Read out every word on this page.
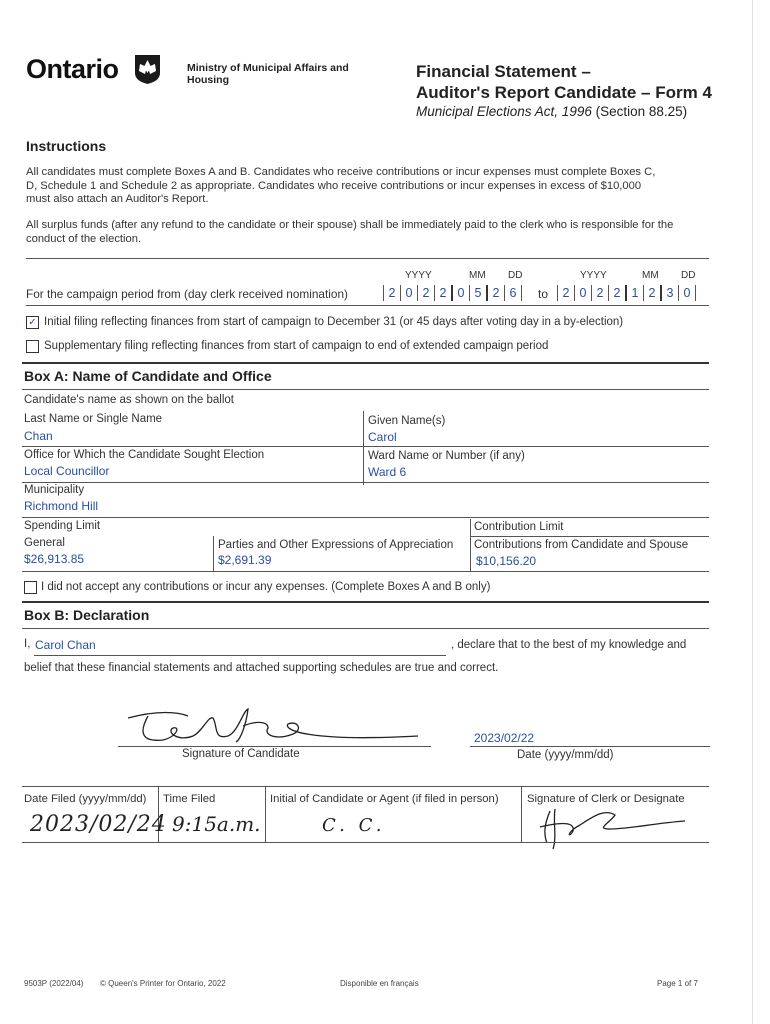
Ontario	Ministry of Municipal Affairs and Housing	Financial Statement –
Auditor's Report Candidate – Form 4
Municipal Elections Act, 1996 (Section 88.25)
Instructions
All candidates must complete Boxes A and B. Candidates who receive contributions or incur expenses must complete Boxes C, D, Schedule 1 and Schedule 2 as appropriate. Candidates who receive contributions or incur expenses in excess of $10,000 must also attach an Auditor's Report.
All surplus funds (after any refund to the candidate or their spouse) shall be immediately paid to the clerk who is responsible for the conduct of the election.
YYYY	MM DD	YYYY	MM DD
For the campaign period from (day clerk received nomination)	2 0 2 2 0 5 2 6	to	2 0 2 2 1 2 3 0
✓ Initial filing reflecting finances from start of campaign to December 31 (or 45 days after voting day in a by-election)
Supplementary filing reflecting finances from start of campaign to end of extended campaign period
Box A: Name of Candidate and Office
Candidate's name as shown on the ballot
Last Name or Single Name
Chan
Given Name(s)
Carol
Office for Which the Candidate Sought Election
Local Councillor
Ward Name or Number (if any)
Ward 6
Municipality
Richmond Hill
Spending Limit	Contribution Limit
General
$26,913.85
Parties and Other Expressions of Appreciation
$2,691.39
Contributions from Candidate and Spouse
$10,156.20
I did not accept any contributions or incur any expenses. (Complete Boxes A and B only)
Box B: Declaration
I, Carol Chan	, declare that to the best of my knowledge and
belief that these financial statements and attached supporting schedules are true and correct.
Signature of Candidate
2023/02/22
Date (yyyy/mm/dd)
Date Filed (yyyy/mm/dd) Time Filed	Initial of Candidate or Agent (if filed in person)	Signature of Clerk or Designate
2023/02/24 9:15a.m.	C. C.
9503P (2022/04) © Queen's Printer for Ontario, 2022	Disponible en français	Page 1 of 7
